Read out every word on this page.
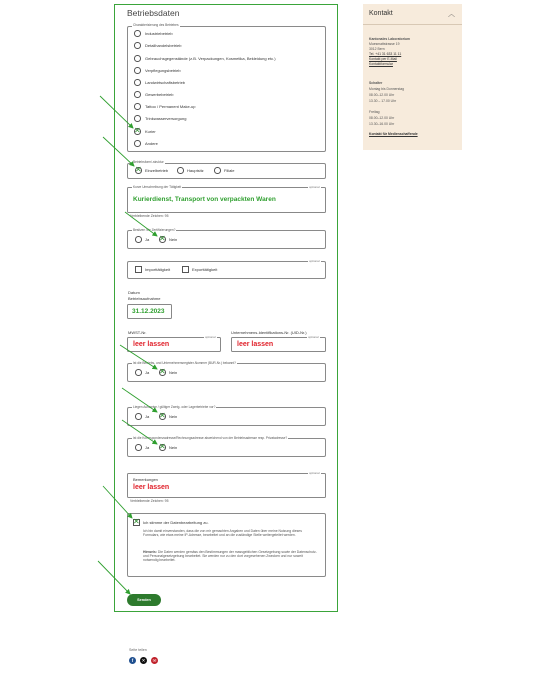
Betriebsdaten
Charakterisierung des Betriebes
Industriebetrieb
Detailhandelsbetrieb
Gebrauchsgegenstände (z.B. Verpackungen, Kosmetika, Bekleidung etc.)
Verpflegungsbetrieb
Landwirtschaftsbetrieb
Gewerbebetrieb
Tattoo / Permanent Make-up
Trinkwasserversorgung
✕ Kurier
Andere
Betriebsform/-struktur
✕ Einzelbetrieb	Hauptsitz	Filiale
Kurze Umschreibung der Tätigkeit	optional
Kurierdienst, Transport von verpackten Waren
Verbleibende Zeichen: 95
Besitzen Sie Zertifizierungen?
Ja ✕ Nein
optional
Importtätigkeit	Exporttätigkeit
Datum
Betriebsaufnahme
31.12.2023
MWST-Nr.
optional
leer lassen
Unternehmens-Identifikations-Nr. (UID-Nr.)
optional
leer lassen
Ist die Betriebs- und Unternehmensregister-Nummer (BUR-Nr.) bekannt?
Ja ✕ Nein
Liegen Ausweise / gültiger Zweig- oder Lagerbetriebe vor?
Ja ✕ Nein
Ist die Korrespondenzadresse/Rechnungsadresse abweichend von der Betriebsadresse resp. Privatadresse?
Ja ✕ Nein
optional
Bemerkungen
leer lassen
Verbleibende Zeichen: 95
✕ Ich stimme der Datenbearbeitung zu.
Ich bin damit einverstanden, dass die von mir gemachten Angaben und Daten über meine Nutzung dieses Formulars, wie etwa meine IP-Adresse, bearbeitet und an die zuständige Stelle weitergeleitet werden.
Hinweis: Die Daten werden gemäss den Bestimmungen der massgeblichen Gesetzgebung sowie der Datenschutz- und Personalgesetzgebung bearbeitet. Sie werden nur zu den dort vorgesehenen Zwecken und nur soweit notwendig bearbeitet.
Senden
Kontakt	︿
Kantonales Laboratorium
Muesmattstrasse 19
3012 Bern
Tel. +41 31 633 11 11
Kontakt per E-Mail
Kontaktformular
Schalter
Montag bis Donnerstag
08.00–12.00 Uhr
13.30 – 17.00 Uhr
Freitag
08.00–12.00 Uhr
13.30–16.00 Uhr
Kontakt für Medienschaffende
Seite teilen
f	✕	✉
